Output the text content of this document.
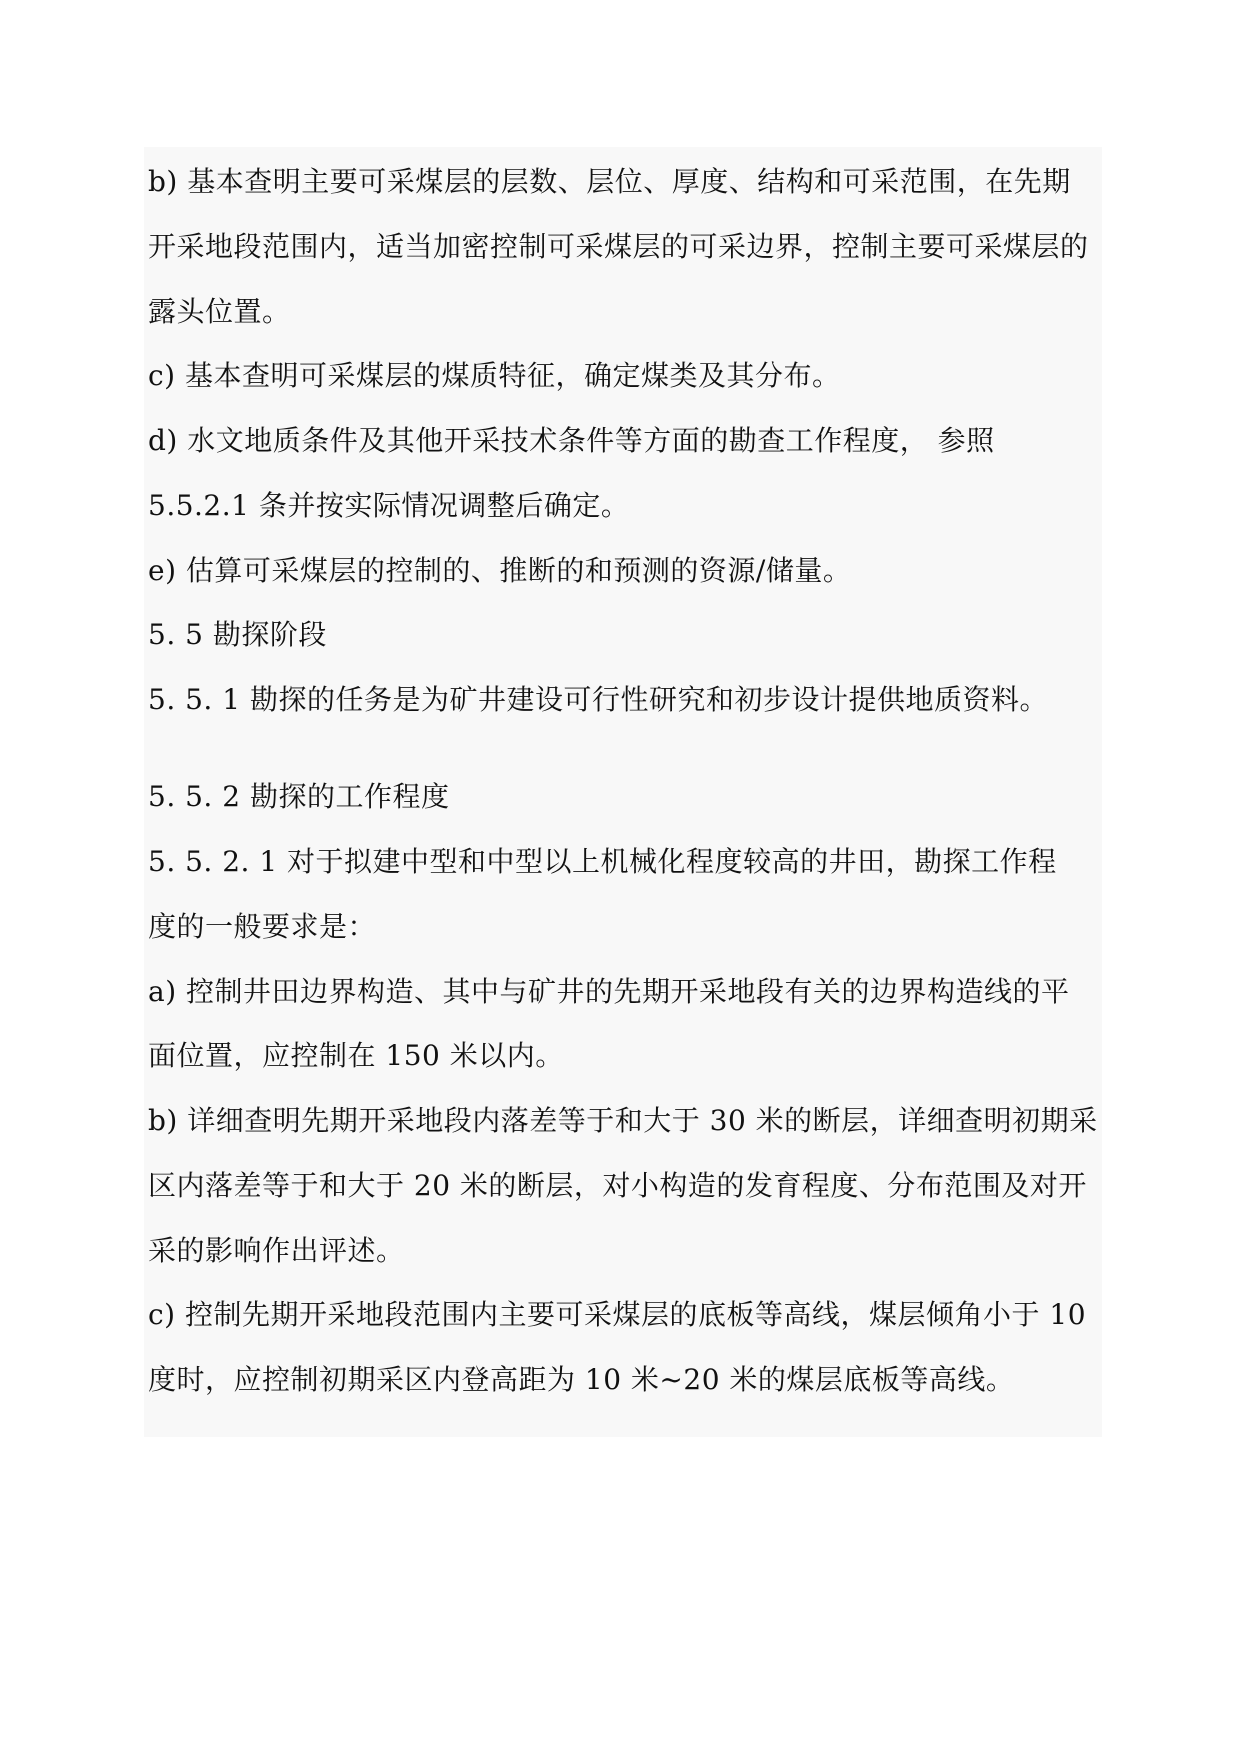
b) 基本查明主要可采煤层的层数、层位、厚度、结构和可采范围，在先期
开采地段范围内，适当加密控制可采煤层的可采边界，控制主要可采煤层的
露头位置。
c) 基本查明可采煤层的煤质特征，确定煤类及其分布。
d) 水文地质条件及其他开采技术条件等方面的勘查工作程度， 参照
5.5.2.1 条并按实际情况调整后确定。
e) 估算可采煤层的控制的、推断的和预测的资源/储量。
5. 5 勘探阶段
5. 5. 1 勘探的任务是为矿井建设可行性研究和初步设计提供地质资料。
5. 5. 2 勘探的工作程度
5. 5. 2. 1 对于拟建中型和中型以上机械化程度较高的井田，勘探工作程
度的一般要求是：
a) 控制井田边界构造、其中与矿井的先期开采地段有关的边界构造线的平
面位置，应控制在 150 米以内。
b) 详细查明先期开采地段内落差等于和大于 30 米的断层，详细查明初期采
区内落差等于和大于 20 米的断层，对小构造的发育程度、分布范围及对开
采的影响作出评述。
c) 控制先期开采地段范围内主要可采煤层的底板等高线，煤层倾角小于 10
度时，应控制初期采区内登高距为 10 米~20 米的煤层底板等高线。
